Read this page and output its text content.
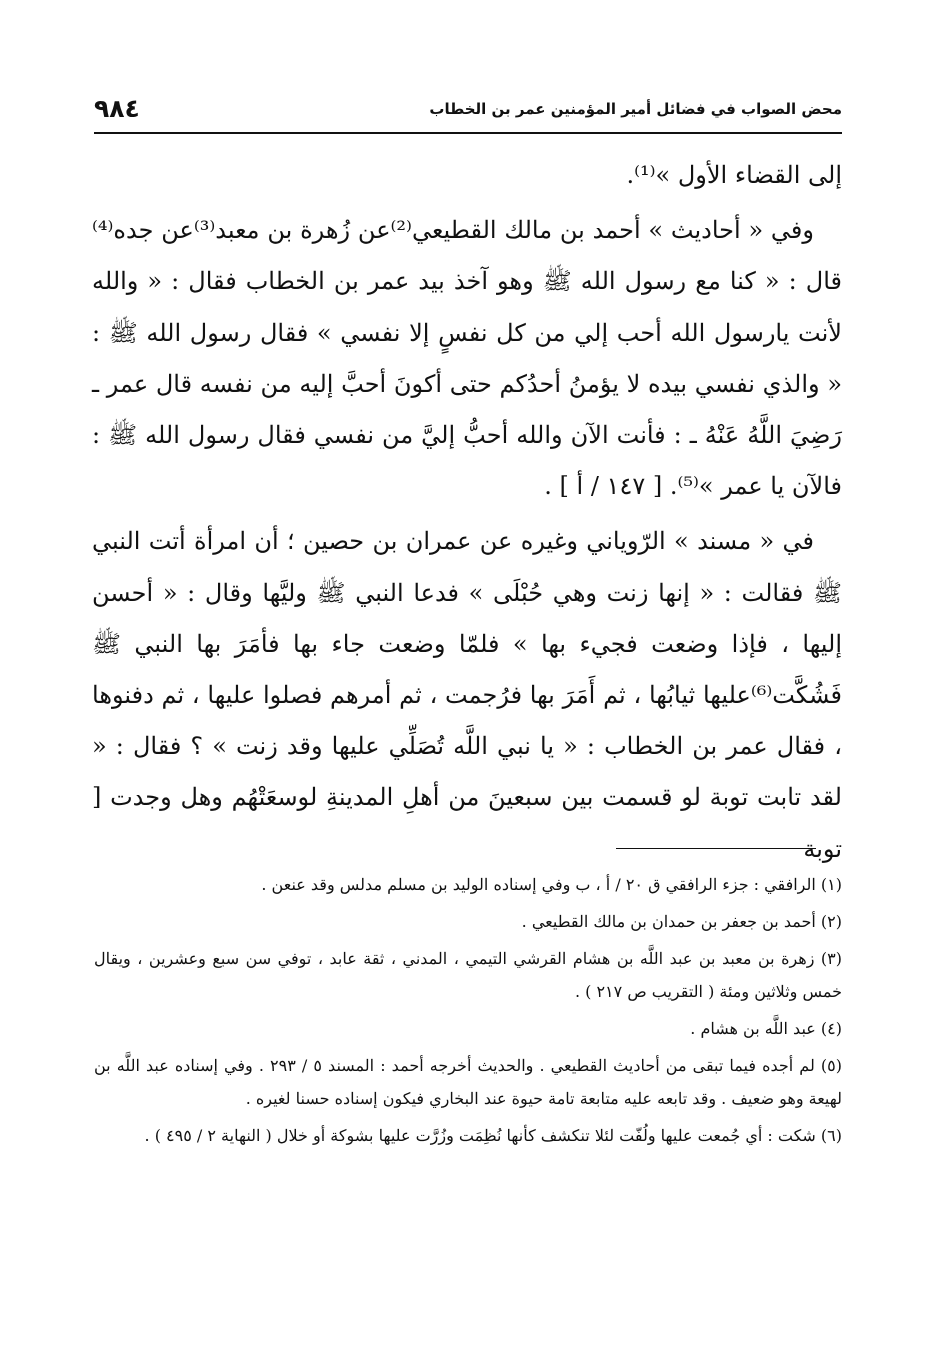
محض الصواب في فضائل أمير المؤمنين عمر بن الخطاب
٩٨٤

إلى القضاء الأول »⁽¹⁾.

وفي « أحاديث » أحمد بن مالك القطيعي⁽²⁾عن زُهرة بن معبد⁽³⁾عن جده⁽⁴⁾قال : « كنا مع رسول الله ﷺ وهو آخذ بيد عمر بن الخطاب فقال : « والله لأنت يارسول الله أحب إلي من كل نفسٍ إلا نفسي » فقال رسول الله ﷺ : « والذي نفسي بيده لا يؤمنُ أحدُكم حتى أكونَ أحبَّ إليه من نفسه قال عمر ـ رَضِيَ اللَّهُ عَنْهُ ـ : فأنت الآن والله أحبُّ إليَّ من نفسي فقال رسول الله ﷺ : فالآن يا عمر »⁽⁵⁾. [ ١٤٧ / أ ] .

في « مسند » الرّوياني وغيره عن عمران بن حصين ؛ أن امرأة أتت النبي ﷺ فقالت : « إنها زنت وهي حُبْلَى » فدعا النبي ﷺ وليَّها وقال : « أحسن إليها ، فإذا وضعت فجيء بها » فلمّا وضعت جاء بها فأمَرَ بها النبي ﷺ فَشُكَّت⁽⁶⁾عليها ثيابُها ، ثم أَمَرَ بها فرُجمت ، ثم أمرهم فصلوا عليها ، ثم دفنوها ، فقال عمر بن الخطاب : « يا نبي اللَّه تُصَلِّي عليها وقد زنت » ؟ فقال : « لقد تابت توبة لو قسمت بين سبعينَ من أهلِ المدينةِ لوسعَتْهُم وهل وجدت [ توبة

(١) الرافقي : جزء الرافقي ق ٢٠ / أ ، ب وفي إسناده الوليد بن مسلم مدلس وقد عنعن .

(٢) أحمد بن جعفر بن حمدان بن مالك القطيعي .

(٣) زهرة بن معبد بن عبد اللَّه بن هشام القرشي التيمي ، المدني ، ثقة عابد ، توفي سن سبع وعشرين ، ويقال خمس وثلاثين ومئة ( التقريب ص ٢١٧ ) .

(٤) عبد اللَّه بن هشام .

(٥) لم أجده فيما تبقى من أحاديث القطيعي . والحديث أخرجه أحمد : المسند ٥ / ٢٩٣ . وفي إسناده عبد اللَّه بن لهيعة وهو ضعيف . وقد تابعه عليه متابعة تامة حيوة عند البخاري فيكون إسناده حسنا لغيره .

(٦) شكت : أي جُمعت عليها ولُفّت لئلا تنكشف كأنها نُظِمَت وزُرَّت عليها بشوكة أو خلال ( النهاية ٢ / ٤٩٥ ) .
